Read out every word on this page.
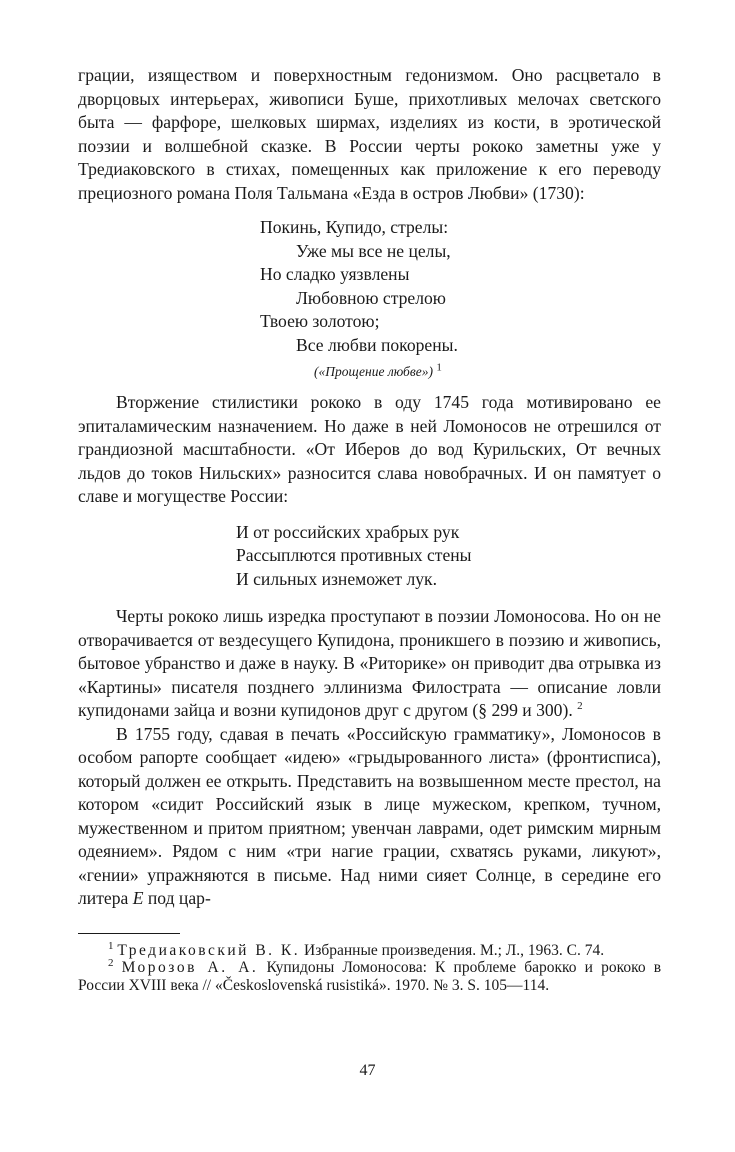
грации, изяществом и поверхностным гедонизмом. Оно расцветало в дворцовых интерьерах, живописи Буше, прихотливых мелочах светского быта — фарфоре, шелковых ширмах, изделиях из кости, в эротической поэзии и волшебной сказке. В России черты рококо заметны уже у Тредиаковского в стихах, помещенных как приложение к его переводу прециозного романа Поля Тальмана «Езда в остров Любви» (1730):

Покинь, Купидо, стрелы:
Уже мы все не целы,
Но сладко уязвлены
Любовною стрелою
Твоею золотою;
Все любви покорены.
(«Прощение любве») $^1$

Вторжение стилистики рококо в оду 1745 года мотивировано ее эпиталамическим назначением. Но даже в ней Ломоносов не отрешился от грандиозной масштабности. «От Иберов до вод Курильских, От вечных льдов до токов Нильских» разносится слава новобрачных. И он памятует о славе и могуществе России:

И от российских храбрых рук
Рассыплются противных стены
И сильных изнеможет лук.

Черты рококо лишь изредка проступают в поэзии Ломоносова. Но он не отворачивается от вездесущего Купидона, проникшего в поэзию и живопись, бытовое убранство и даже в науку. В «Риторике» он приводит два отрывка из «Картины» писателя позднего эллинизма Филострата — описание ловли купидонами зайца и возни купидонов друг с другом (§ 299 и 300). $^2$

В 1755 году, сдавая в печать «Российскую грамматику», Ломоносов в особом рапорте сообщает «идею» «грыдырованного листа» (фронтисписа), который должен ее открыть. Представить на возвышенном месте престол, на котором «сидит Российский язык в лице мужеском, крепком, тучном, мужественном и притом приятном; увенчан лаврами, одет римским мирным одеянием». Рядом с ним «три нагие грации, схватясь руками, ликуют», «гении» упражняются в письме. Над ними сияет Солнце, в середине его литера E под цар-

$^1$ Тредиаковский В. К. Избранные произведения. М.; Л., 1963. С. 74.

$^2$ Морозов А. А. Купидоны Ломоносова: К проблеме барокко и рококо в России XVIII века // «Československá rusistiká». 1970. № 3. S. 105—114.

47
